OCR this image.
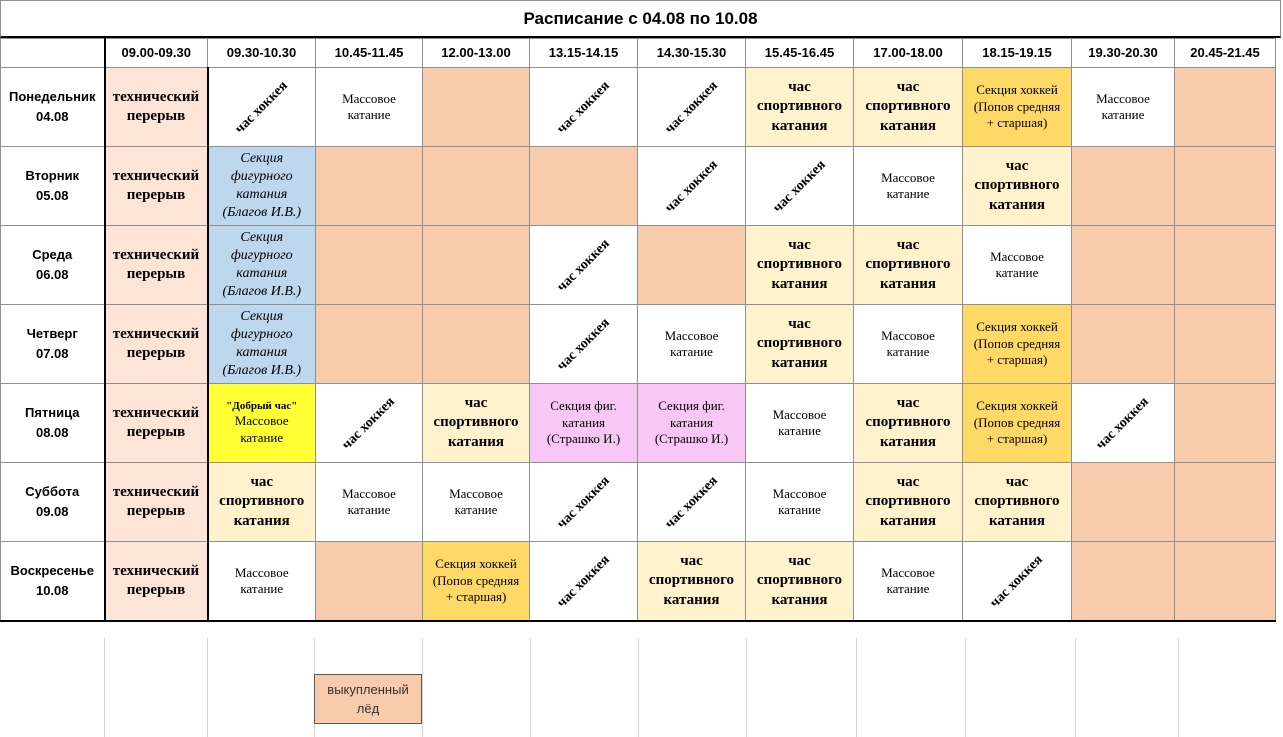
Расписание с 04.08 по 10.08
	09.00-09.30	09.30-10.30	10.45-11.45	12.00-13.00	13.15-14.15	14.30-15.30	15.45-16.45	17.00-18.00	18.15-19.15	19.30-20.30	20.45-21.45

Понедельник
04.08	технический
перерыв	час хоккея	Массовое
катание		час хоккея	час хоккея	час
спортивного
катания	час
спортивного
катания	Секция хоккей
(Попов средняя
+ старшая)	Массовое
катание	

Вторник
05.08	технический
перерыв	Секция
фигурного
катания
(Благов И.В.)				час хоккея	час хоккея	Массовое
катание	час
спортивного
катания		

Среда
06.08	технический
перерыв	Секция
фигурного
катания
(Благов И.В.)			час хоккея		час
спортивного
катания	час
спортивного
катания	Массовое
катание		

Четверг
07.08	технический
перерыв	Секция
фигурного
катания
(Благов И.В.)			час хоккея	Массовое
катание	час
спортивного
катания	Массовое
катание	Секция хоккей
(Попов средняя
+ старшая)		

Пятница
08.08	технический
перерыв	"Добрый час"
Массовое
катание	час хоккея	час
спортивного
катания	Секция фиг.
катания
(Страшко И.)	Секция фиг.
катания
(Страшко И.)	Массовое
катание	час
спортивного
катания	Секция хоккей
(Попов средняя
+ старшая)	час хоккея	

Суббота
09.08	технический
перерыв	час
спортивного
катания	Массовое
катание	Массовое
катание	час хоккея	час хоккея	Массовое
катание	час
спортивного
катания	час
спортивного
катания		

Воскресенье
10.08	технический
перерыв	Массовое
катание		Секция хоккей
(Попов средняя
+ старшая)	час хоккея	час
спортивного
катания	час
спортивного
катания	Массовое
катание	час хоккея		
выкупленный
лёд
